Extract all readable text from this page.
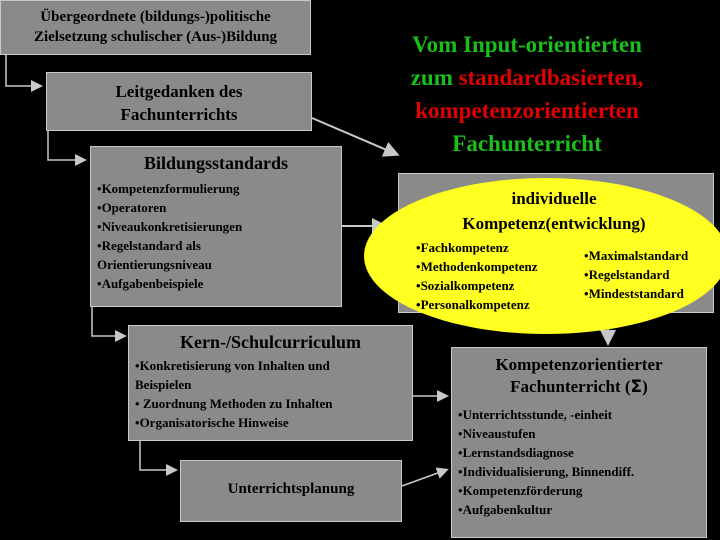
Übergeordnete (bildungs-)politische
Zielsetzung schulischer (Aus-)Bildung
Leitgedanken des
Fachunterrichts
Bildungsstandards
• Kompetenzformulierung
• Operatoren
• Niveaukonkretisierungen
• Regelstandard als Orientierungsniveau
• Aufgabenbeispiele
Kern-/Schulcurriculum
• Konkretisierung von Inhalten und Beispielen
• Zuordnung Methoden zu Inhalten
• Organisatorische Hinweise
Unterrichtsplanung
Kompetenzorientierter
Fachunterricht (Σ)
• Unterrichtsstunde, -einheit
• Niveaustufen
• Lernstandsdiagnose
• Individualisierung, Binnendiff.
• Kompetenzförderung
• Aufgabenkultur
Vom Input-orientierten
zum standardbasierten,
kompetenzorientierten
Fachunterricht
individuelle
Kompetenz(entwicklung)
• Fachkompetenz
• Methodenkompetenz
• Sozialkompetenz
• Personalkompetenz
• Maximalstandard
• Regelstandard
• Mindeststandard
